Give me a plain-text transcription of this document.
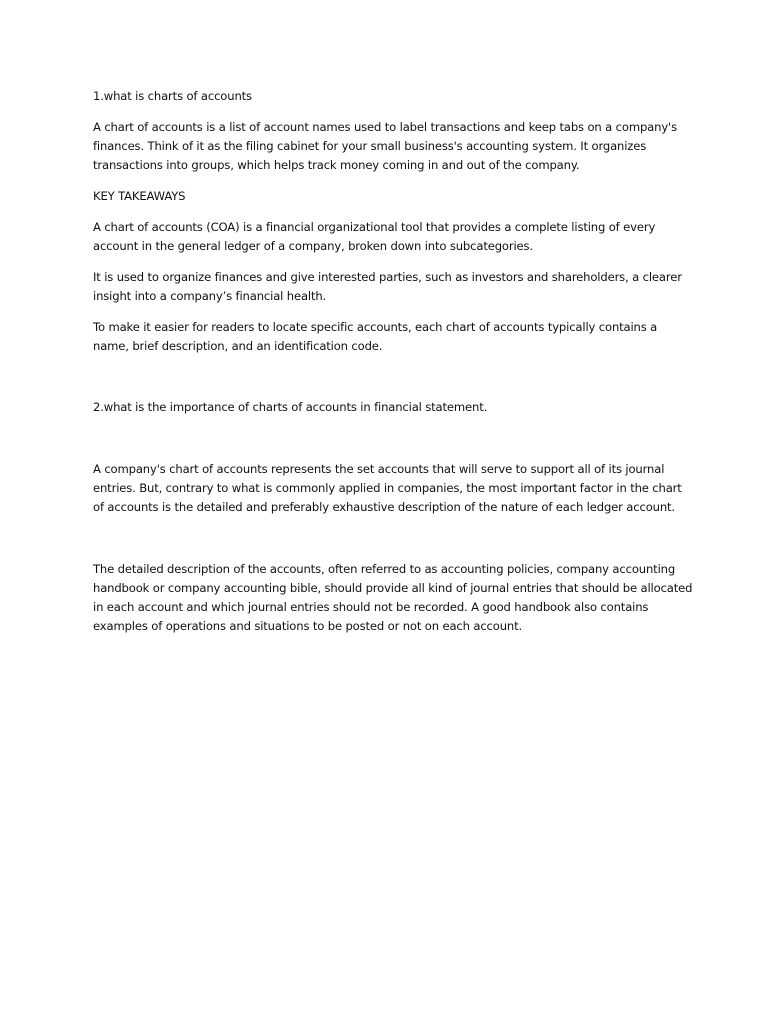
1.what is charts of accounts

A chart of accounts is a list of account names used to label transactions and keep tabs on a company's finances. Think of it as the filing cabinet for your small business's accounting system. It organizes transactions into groups, which helps track money coming in and out of the company.

KEY TAKEAWAYS

A chart of accounts (COA) is a financial organizational tool that provides a complete listing of every account in the general ledger of a company, broken down into subcategories.

It is used to organize finances and give interested parties, such as investors and shareholders, a clearer insight into a company’s financial health.

To make it easier for readers to locate specific accounts, each chart of accounts typically contains a name, brief description, and an identification code.

2.what is the importance of charts of accounts in financial statement.

A company's chart of accounts represents the set accounts that will serve to support all of its journal entries. But, contrary to what is commonly applied in companies, the most important factor in the chart of accounts is the detailed and preferably exhaustive description of the nature of each ledger account.

The detailed description of the accounts, often referred to as accounting policies, company accounting handbook or company accounting bible, should provide all kind of journal entries that should be allocated in each account and which journal entries should not be recorded. A good handbook also contains examples of operations and situations to be posted or not on each account.
